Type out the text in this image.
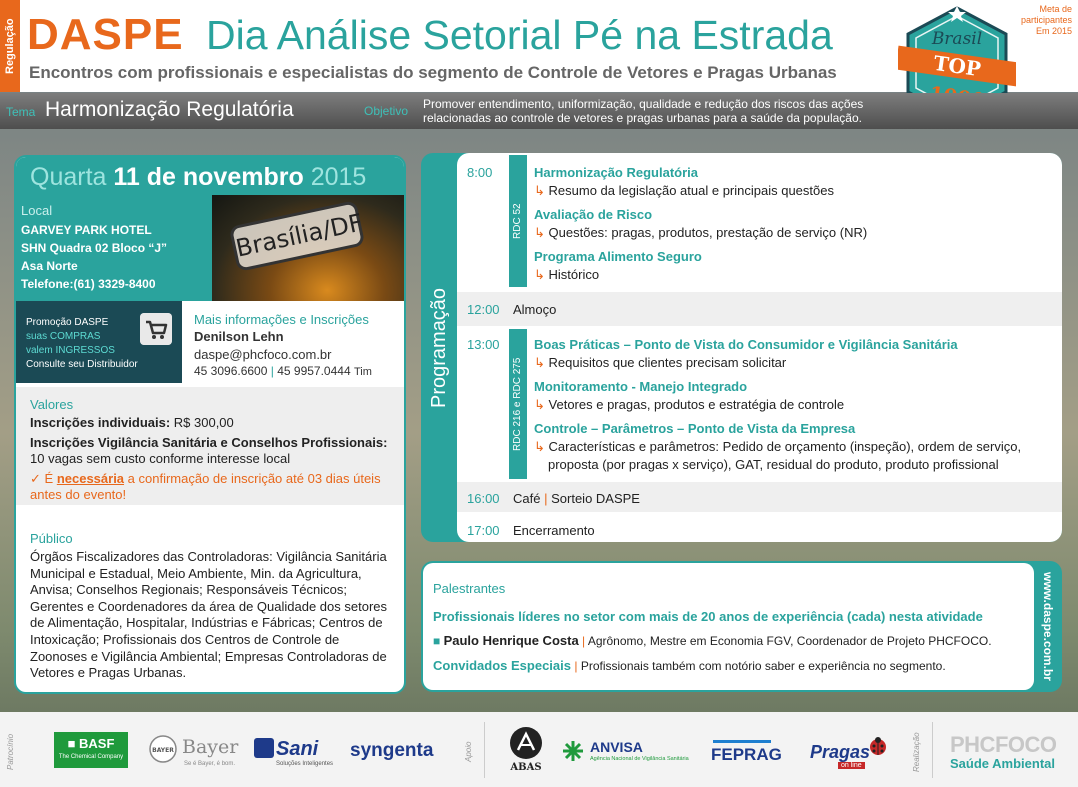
Regulação DASPE Dia Análise Setorial Pé na Estrada
Encontros com profissionais e especialistas do segmento de Controle de Vetores e Pragas Urbanas
Meta de
participantes
Em 2015
Brasil
TOP
Tema Harmonização Regulatória	Objetivo Promover entendimento, uniformização, qualidade e redução dos riscos das ações
relacionadas ao controle de vetores e pragas urbanas para a saúde da população.
Quarta 11 de novembro 2015
Local
GARVEY PARK HOTEL
SHN Quadra 02 Bloco “J”
Asa Norte
Telefone:(61) 3329-8400
Brasília/DF
Promoção DASPE
suas COMPRAS
valem INGRESSOS
Consulte seu Distribuidor
Mais informações e Inscrições
Denilson Lehn
daspe@phcfoco.com.br
45 3096.6600 | 45 9957.0444 Tim
Valores
Inscrições individuais: R$ 300,00
Inscrições Vigilância Sanitária e Conselhos Profissionais:
10 vagas sem custo conforme interesse local
✓ É necessária a confirmação de inscrição até 03 dias úteis antes do evento!
Público
Órgãos Fiscalizadores das Controladoras: Vigilância Sanitária Municipal e Estadual, Meio Ambiente, Min. da Agricultura, Anvisa; Conselhos Regionais; Responsáveis Técnicos; Gerentes e Coordenadores da área de Qualidade dos setores de Alimentação, Hospitalar, Indústrias e Fábricas; Centros de Intoxicação; Profissionais dos Centros de Controle de Zoonoses e Vigilância Ambiental; Empresas Controladoras de Vetores e Pragas Urbanas.
Programação
8:00
RDC 52
Harmonização Regulatória
↳ Resumo da legislação atual e principais questões
Avaliação de Risco
↳ Questões: pragas, produtos, prestação de serviço (NR)
Programa Alimento Seguro
↳ Histórico
12:00 Almoço
13:00
RDC 216 e RDC 275
Boas Práticas – Ponto de Vista do Consumidor e Vigilância Sanitária
↳ Requisitos que clientes precisam solicitar
Monitoramento - Manejo Integrado
↳ Vetores e pragas, produtos e estratégia de controle
Controle – Parâmetros – Ponto de Vista da Empresa
↳ Características e parâmetros: Pedido de orçamento (inspeção), ordem de serviço,
proposta (por pragas x serviço), GAT, residual do produto, produto profissional
16:00 Café | Sorteio DASPE
17:00 Encerramento
Palestrantes
Profissionais líderes no setor com mais de 20 anos de experiência (cada) nesta atividade
■ Paulo Henrique Costa | Agrônomo, Mestre em Economia FGV, Coordenador de Projeto PHCFOCO.
Convidados Especiais | Profissionais também com notório saber e experiência no segmento.	www.daspe.com.br
Patrocínio	■ BASF
The Chemical Company
BAYER Bayer
Se é Bayer, é bom.
Sani
Soluções Inteligentes
syngenta	Apoio
ABAS
ANVISA
Agência Nacional de Vigilância Sanitária FEPRAG Pragas
on line	Realização PHCFOCO
Saúde Ambiental
